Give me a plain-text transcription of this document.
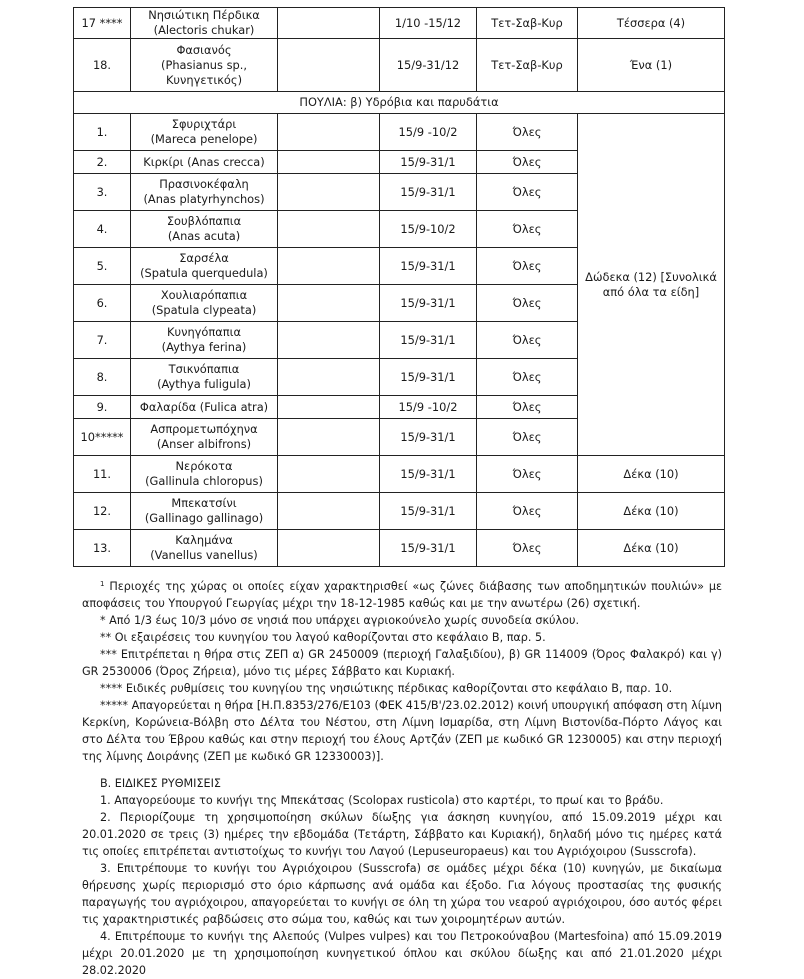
17 ****	Νησιώτικη Πέρδικα
(Alectoris chukar)		1/10 -15/12	Τετ-Σαβ-Κυρ	Τέσσερα (4)
18.	Φασιανός
(Phasianus sp.,
Κυνηγετικός)		15/9-31/12	Τετ-Σαβ-Κυρ	Ένα (1)
ΠΟΥΛΙΑ: β) Υδρόβια και παρυδάτια					
1.	Σφυριχτάρι
(Mareca penelope)		15/9 -10/2	Όλες	Δώδεκα (12) [Συνολικά από όλα τα είδη]
2.	Κιρκίρι (Anas crecca)		15/9-31/1	Όλες	
3.	Πρασινοκέφαλη
(Anas platyrhynchos)		15/9-31/1	Όλες	
4.	Σουβλόπαπια
(Anas acuta)		15/9-10/2	Όλες	
5.	Σαρσέλα
(Spatula querquedula)		15/9-31/1	Όλες	
6.	Χουλιαρόπαπια
(Spatula clypeata)		15/9-31/1	Όλες	
7.	Κυνηγόπαπια
(Aythya ferina)		15/9-31/1	Όλες	
8.	Τσικνόπαπια
(Aythya fuligula)		15/9-31/1	Όλες	
9.	Φαλαρίδα (Fulica atra)		15/9 -10/2	Όλες	
10*****	Ασπρομετωπόχηνα
(Anser albifrons)		15/9-31/1	Όλες	
11.	Νερόκοτα
(Gallinula chloropus)		15/9-31/1	Όλες	Δέκα (10)
12.	Μπεκατσίνι
(Gallinago gallinago)		15/9-31/1	Όλες	Δέκα (10)
13.	Καλημάνα
(Vanellus vanellus)		15/9-31/1	Όλες	Δέκα (10)

$^1$ Περιοχές της χώρας οι οποίες είχαν χαρακτηρισθεί «ως ζώνες διάβασης των αποδημητικών πουλιών» με αποφάσεις του Υπουργού Γεωργίας μέχρι την 18-12-1985 καθώς και με την ανωτέρω (26) σχετική.

* Από 1/3 έως 10/3 μόνο σε νησιά που υπάρχει αγριοκούνελο χωρίς συνοδεία σκύλου.

** Οι εξαιρέσεις του κυνηγίου του λαγού καθορίζονται στο κεφάλαιο Β, παρ. 5.

*** Επιτρέπεται η θήρα στις ΖΕΠ α) GR 2450009 (περιοχή Γαλαξιδίου), β) GR 114009 (Όρος Φαλακρό) και γ) GR 2530006 (Όρος Ζήρεια), μόνο τις μέρες Σάββατο και Κυριακή.

**** Ειδικές ρυθμίσεις του κυνηγίου της νησιώτικης πέρδικας καθορίζονται στο κεφάλαιο Β, παρ. 10.

***** Απαγορεύεται η θήρα [Η.Π.8353/276/Ε103 (ΦΕΚ 415/Β'/23.02.2012) κοινή υπουργική απόφαση στη λίμνη Κερκίνη, Κορώνεια-Βόλβη στο Δέλτα του Νέστου, στη Λίμνη Ισμαρίδα, στη Λίμνη Βιστονίδα-Πόρτο Λάγος και στο Δέλτα του Έβρου καθώς και στην περιοχή του έλους Αρτζάν (ΖΕΠ με κωδικό GR 1230005) και στην περιοχή της λίμνης Δοιράνης (ΖΕΠ με κωδικό GR 12330003)].

Β. ΕΙΔΙΚΕΣ ΡΥΘΜΙΣΕΙΣ

1. Απαγορεύουμε το κυνήγι της Μπεκάτσας (Scolopax rusticola) στο καρτέρι, το πρωί και το βράδυ.

2. Περιορίζουμε τη χρησιμοποίηση σκύλων δίωξης για άσκηση κυνηγίου, από 15.09.2019 μέχρι και 20.01.2020 σε τρεις (3) ημέρες την εβδομάδα (Τετάρτη, Σάββατο και Κυριακή), δηλαδή μόνο τις ημέρες κατά τις οποίες επιτρέπεται αντιστοίχως το κυνήγι του Λαγού (Lepuseuropaeus) και του Αγριόχοιρου (Susscrofa).

3. Επιτρέπουμε το κυνήγι του Αγριόχοιρου (Susscrofa) σε ομάδες μέχρι δέκα (10) κυνηγών, με δικαίωμα θήρευσης χωρίς περιορισμό στο όριο κάρπωσης ανά ομάδα και έξοδο. Για λόγους προστασίας της φυσικής παραγωγής του αγριόχοιρου, απαγορεύεται το κυνήγι σε όλη τη χώρα του νεαρού αγριόχοιρου, όσο αυτός φέρει τις χαρακτηριστικές ραβδώσεις στο σώμα του, καθώς και των χοιρομητέρων αυτών.

4. Επιτρέπουμε το κυνήγι της Αλεπούς (Vulpes vulpes) και του Πετροκούναβου (Martesfoina) από 15.09.2019 μέχρι 20.01.2020 με τη χρησιμοποίηση κυνηγετικού όπλου και σκύλου δίωξης και από 21.01.2020 μέχρι 28.02.2020
